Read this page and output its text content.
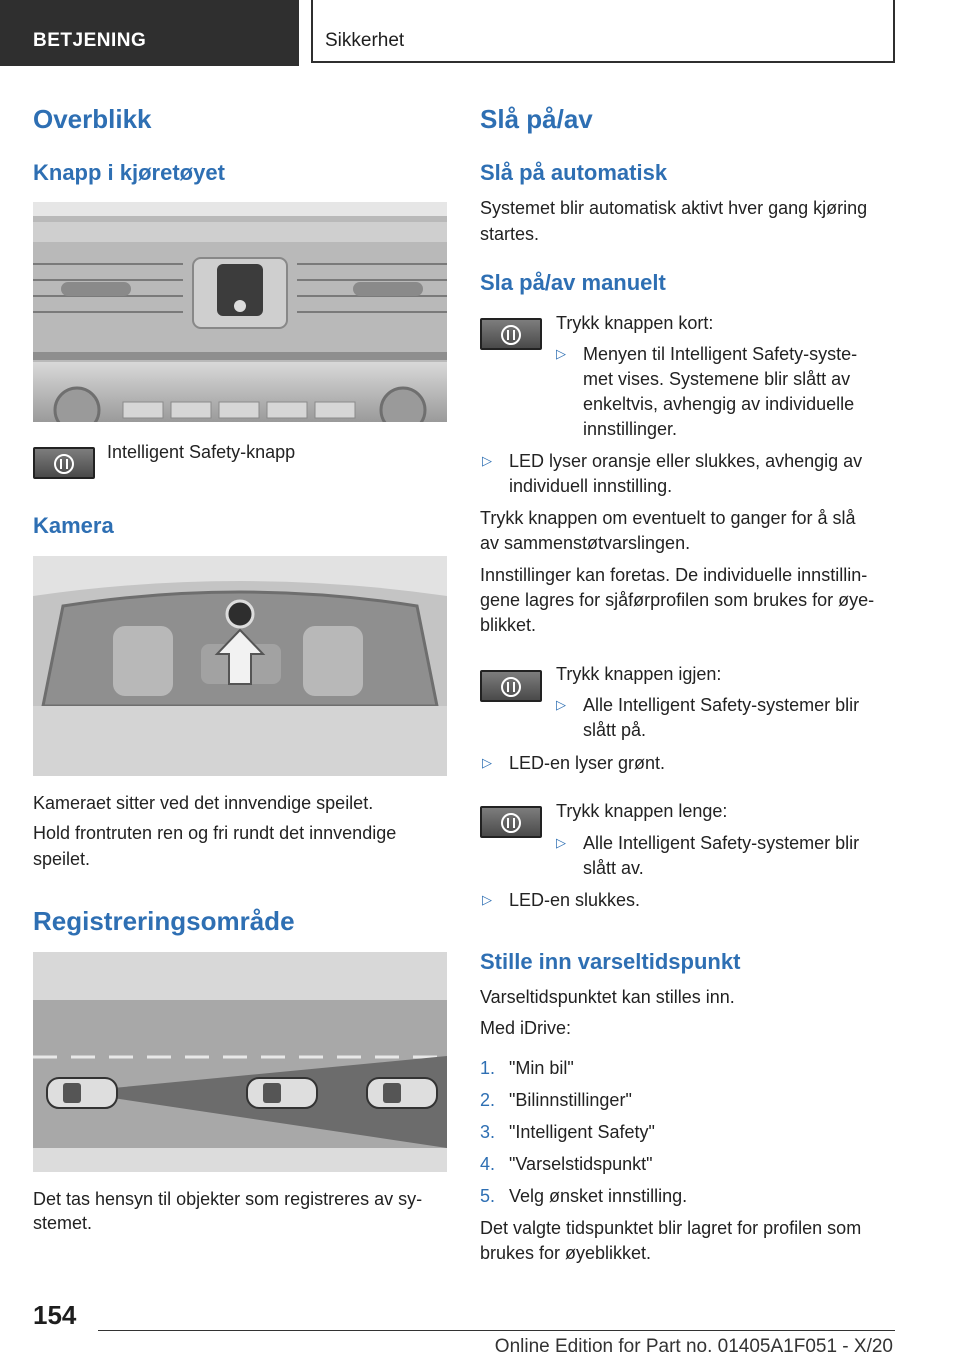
BETJENING	Sikkerhet
Overblikk
Knapp i kjøretøyet
Intelligent Safety-knapp
Kamera
Kameraet sitter ved det innvendige speilet.
Hold frontruten ren og fri rundt det innvendige
speilet.
Registreringsområde
Det tas hensyn til objekter som registreres av sy-
stemet.
Slå på/av
Slå på automatisk
Systemet blir automatisk aktivt hver gang kjøring
startes.
Sla på/av manuelt
Trykk knappen kort:
▷ Menyen til Intelligent Safety-syste-
met vises. Systemene blir slått av
enkeltvis, avhengig av individuelle
innstillinger.
▷ LED lyser oransje eller slukkes, avhengig av
individuell innstilling.
Trykk knappen om eventuelt to ganger for å slå
av sammenstøtvarslingen.
Innstillinger kan foretas. De individuelle innstillin-
gene lagres for sjåførprofilen som brukes for øye-
blikket.
Trykk knappen igjen:
▷ Alle Intelligent Safety-systemer blir
slått på.
▷ LED-en lyser grønt.
Trykk knappen lenge:
▷ Alle Intelligent Safety-systemer blir
slått av.
▷ LED-en slukkes.
Stille inn varseltidspunkt
Varseltidspunktet kan stilles inn.
Med iDrive:
1. "Min bil"
2. "Bilinnstillinger"
3. "Intelligent Safety"
4. "Varselstidspunkt"
5. Velg ønsket innstilling.
Det valgte tidspunktet blir lagret for profilen som
brukes for øyeblikket.
154
Online Edition for Part no. 01405A1F051 - X/20
